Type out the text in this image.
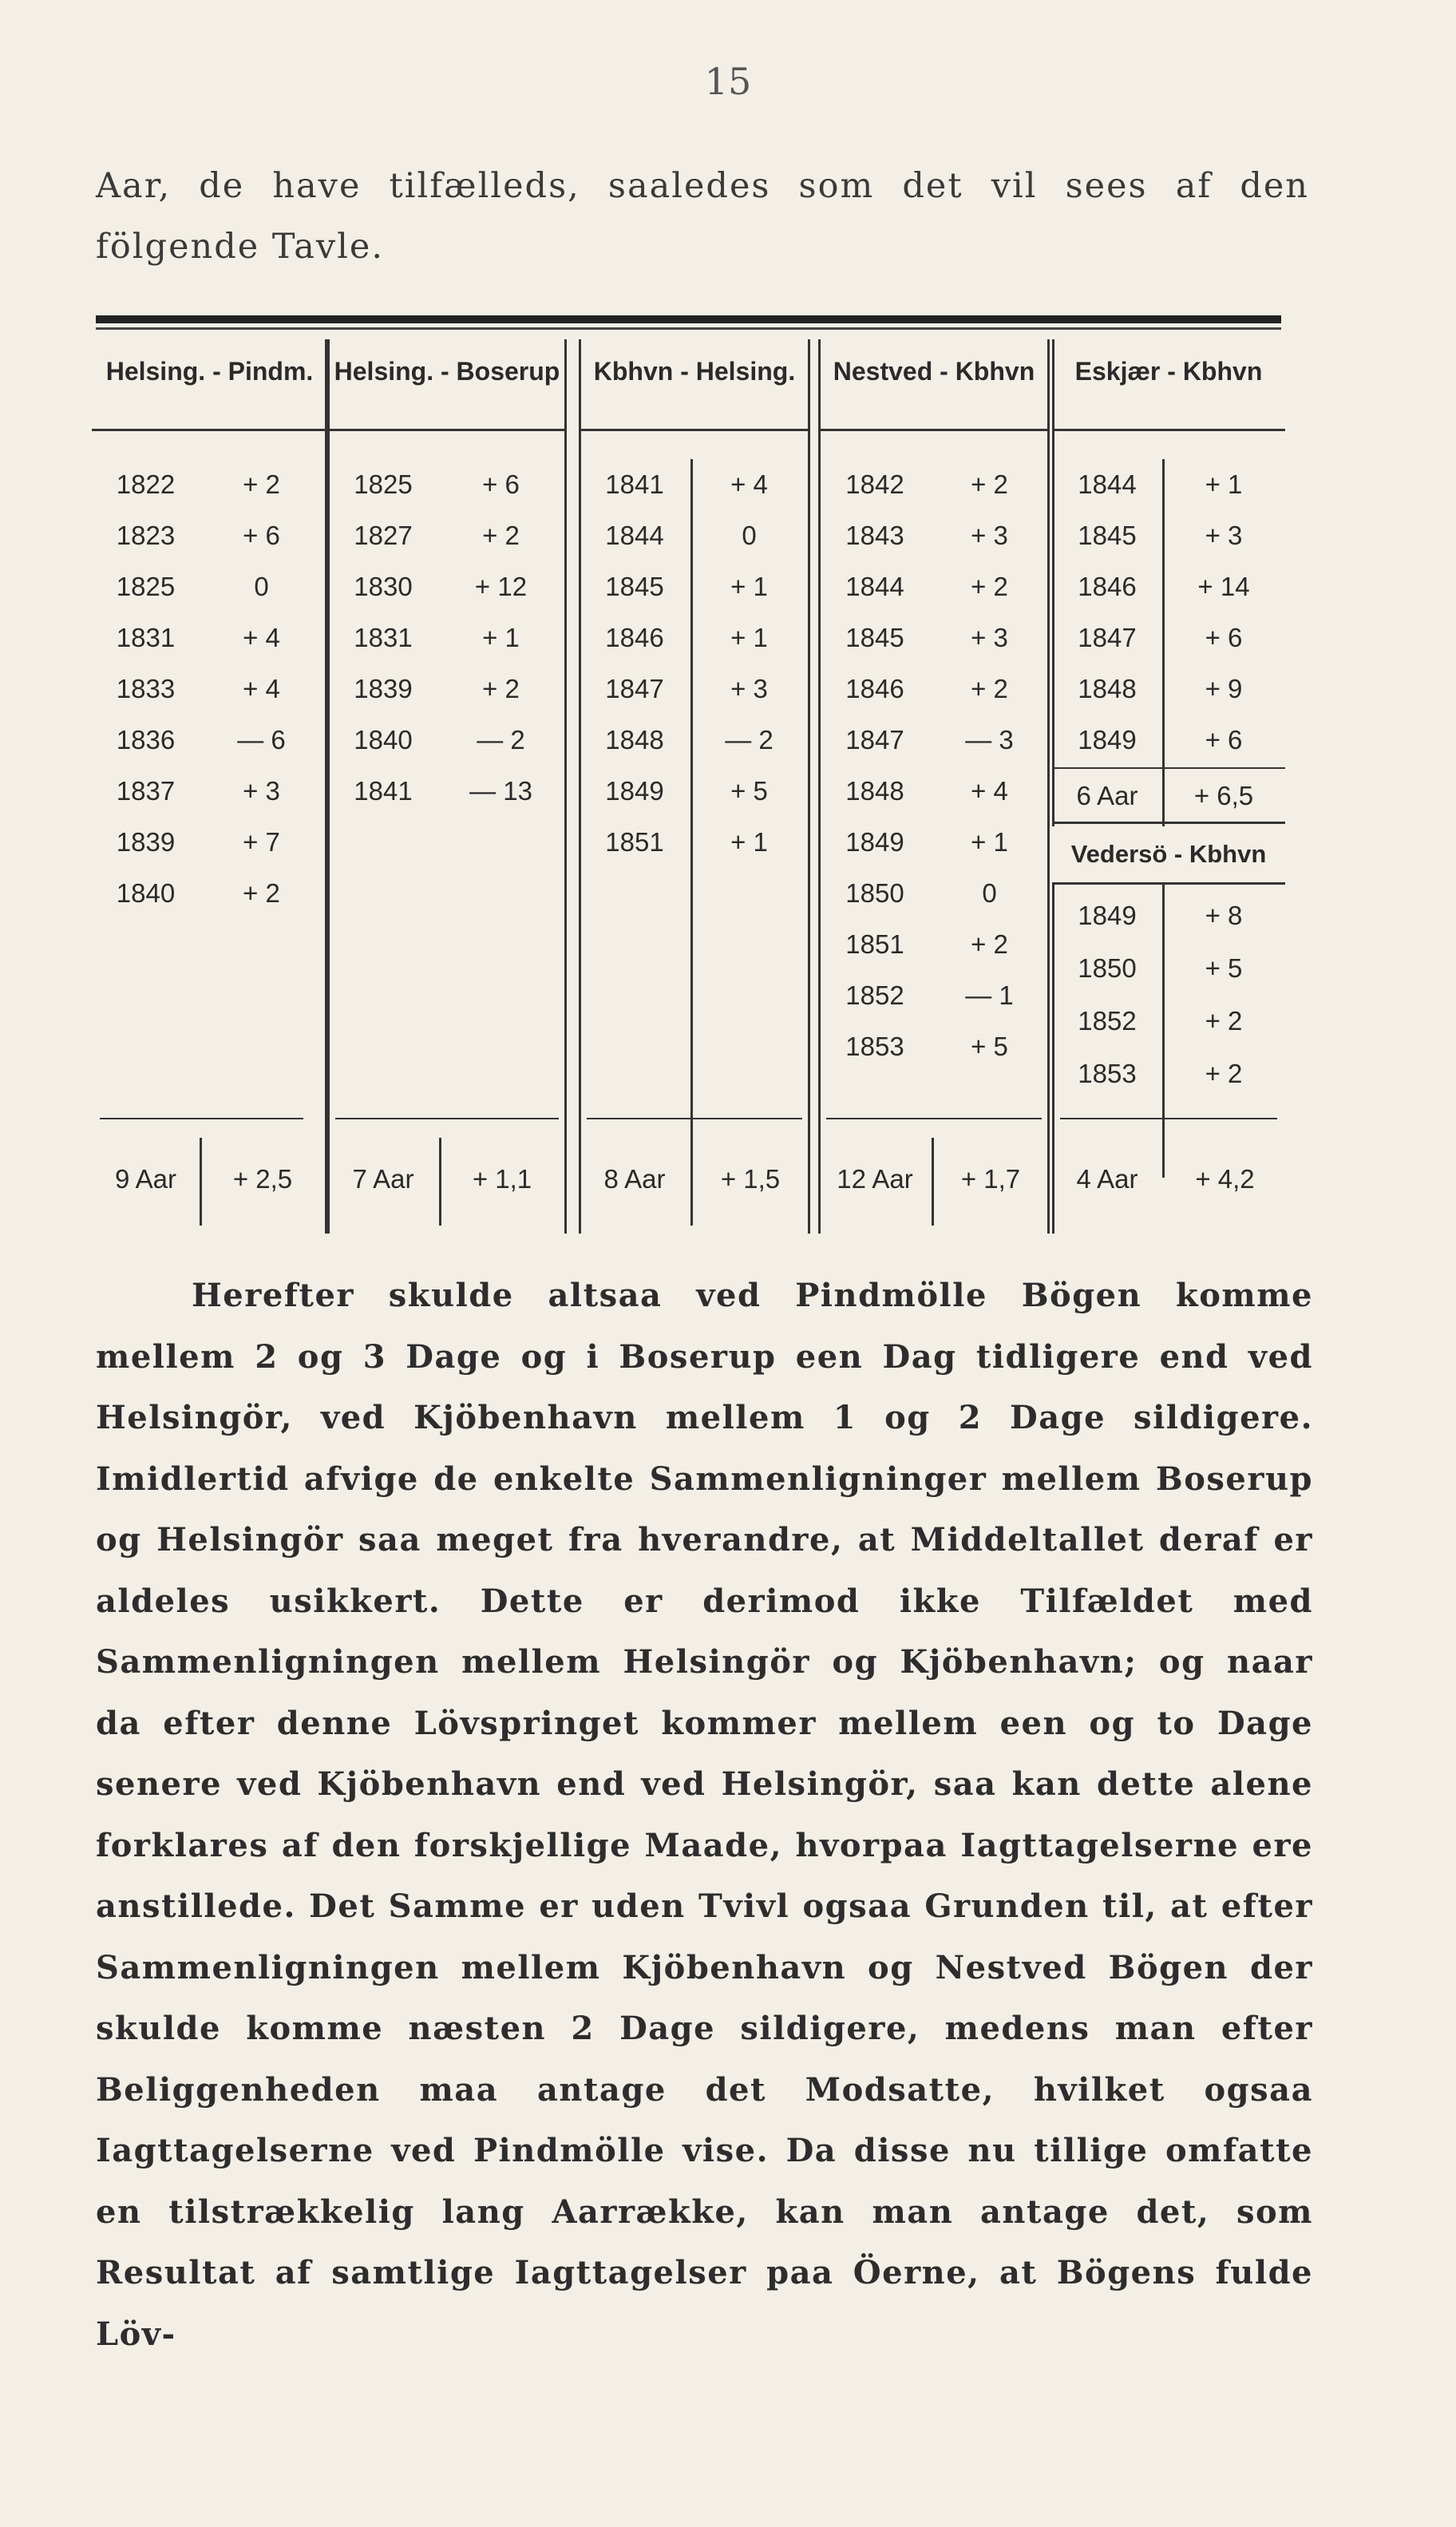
15
Aar, de have tilfælleds, saaledes som det vil sees af den fölgende Tavle.
Helsing. - Pindm.
1822	+ 2
1823	+ 6
1825	0
1831	+ 4
1833	+ 4
1836	— 6
1837	+ 3
1839	+ 7
1840	+ 2
9 Aar	+ 2,5
Helsing. - Boserup
1825	+ 6
1827	+ 2
1830	+ 12
1831	+ 1
1839	+ 2
1840	— 2
1841	— 13
7 Aar	+ 1,1
Kbhvn - Helsing.
1841	+ 4
1844	0
1845	+ 1
1846	+ 1
1847	+ 3
1848	— 2
1849	+ 5
1851	+ 1
8 Aar	+ 1,5
Nestved - Kbhvn
1842	+ 2
1843	+ 3
1844	+ 2
1845	+ 3
1846	+ 2
1847	— 3
1848	+ 4
1849	+ 1
1850	0
1851	+ 2
1852	— 1
1853	+ 5
12 Aar	+ 1,7
Eskjær - Kbhvn
1844	+ 1
1845	+ 3
1846	+ 14
1847	+ 6
1848	+ 9
1849	+ 6
6 Aar	+ 6,5
Vedersö - Kbhvn
1849	+ 8
1850	+ 5
1852	+ 2
1853	+ 2
4 Aar	+ 4,2

Herefter skulde altsaa ved Pindmölle Bögen komme mellem 2 og 3 Dage og i Boserup een Dag tidligere end ved Helsingör, ved Kjöbenhavn mellem 1 og 2 Dage sildigere. Imidlertid afvige de enkelte Sammenligninger mellem Boserup og Helsingör saa meget fra hverandre, at Middeltallet deraf er aldeles usikkert. Dette er derimod ikke Tilfældet med Sammenligningen mellem Helsingör og Kjöbenhavn; og naar da efter denne Lövspringet kommer mellem een og to Dage senere ved Kjöbenhavn end ved Helsingör, saa kan dette alene forklares af den forskjellige Maade, hvorpaa Iagttagelserne ere anstillede. Det Samme er uden Tvivl ogsaa Grunden til, at efter Sammenligningen mellem Kjöbenhavn og Nestved Bögen der skulde komme næsten 2 Dage sildigere, medens man efter Beliggenheden maa antage det Modsatte, hvilket ogsaa Iagttagelserne ved Pindmölle vise. Da disse nu tillige omfatte en tilstrækkelig lang Aarrække, kan man antage det, som Resultat af samtlige Iagttagelser paa Öerne, at Bögens fulde Löv-
